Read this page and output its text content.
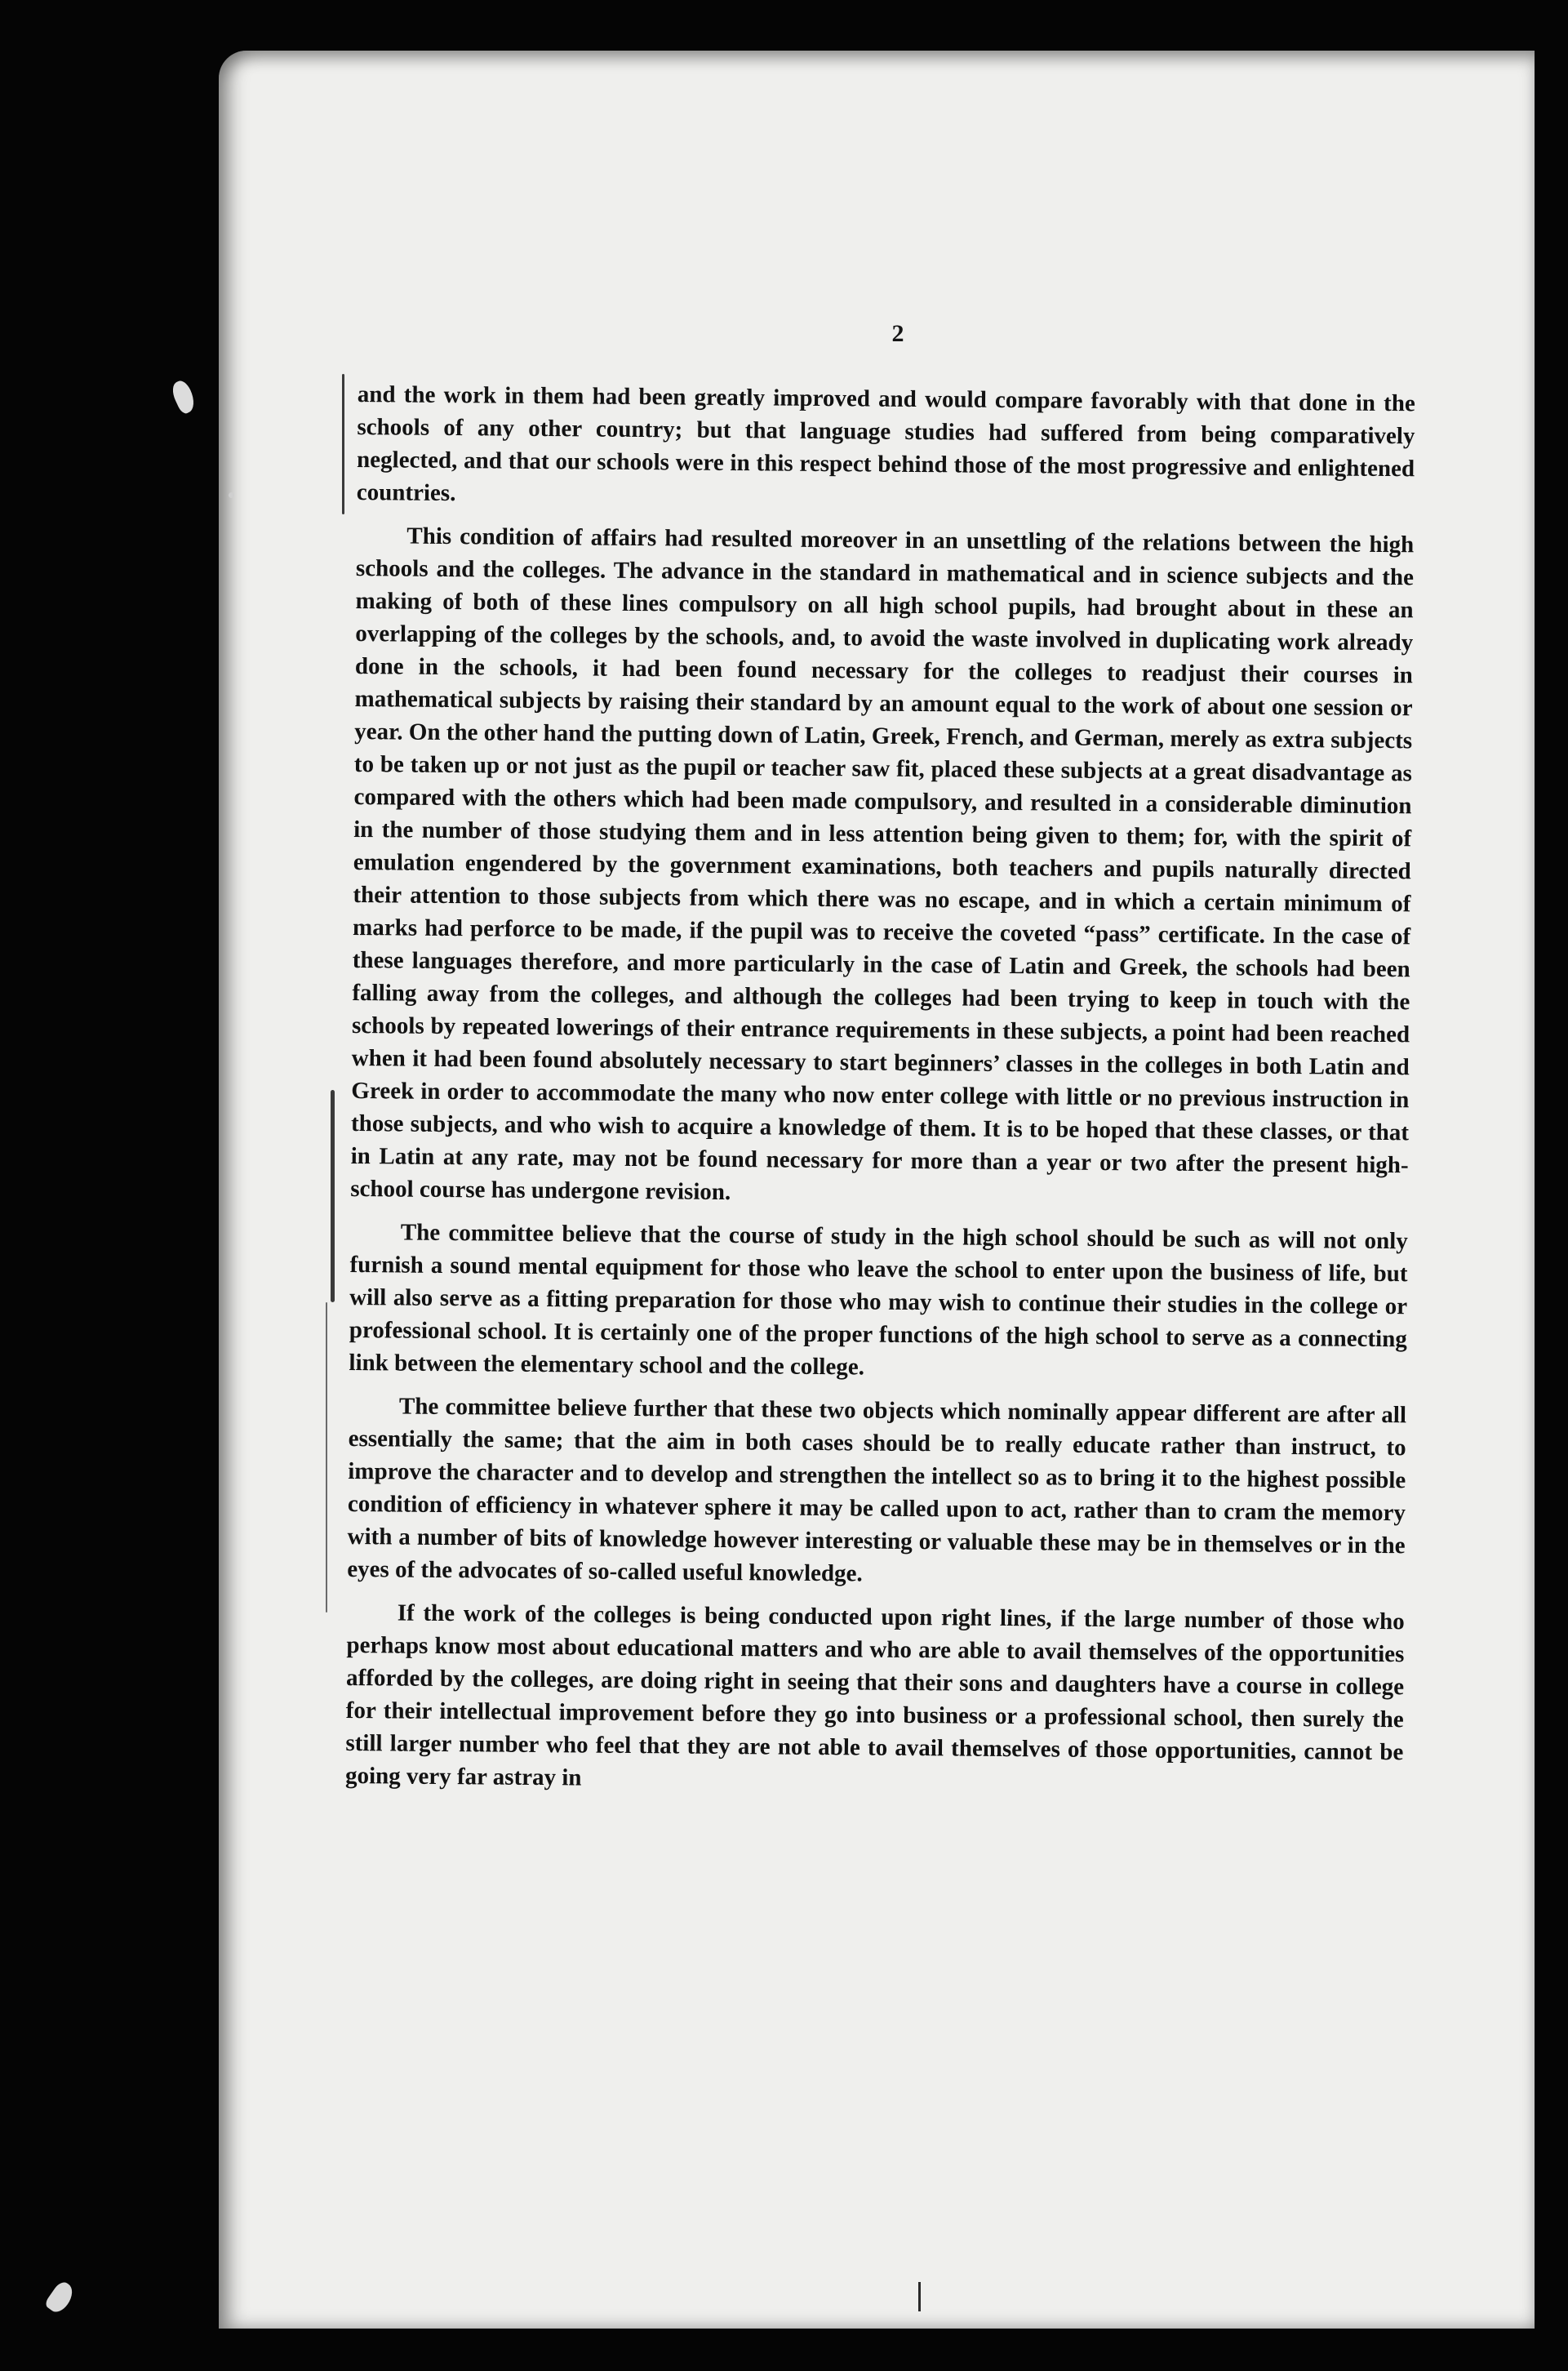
2

and the work in them had been greatly improved and would compare favorably with that done in the schools of any other country; but that language studies had suffered from being comparatively neglected, and that our schools were in this respect behind those of the most progressive and enlightened countries.

This condition of affairs had resulted moreover in an unsettling of the relations between the high schools and the colleges. The advance in the standard in mathematical and in science subjects and the making of both of these lines compulsory on all high school pupils, had brought about in these an overlapping of the colleges by the schools, and, to avoid the waste involved in duplicating work already done in the schools, it had been found necessary for the colleges to readjust their courses in mathematical subjects by raising their standard by an amount equal to the work of about one session or year. On the other hand the putting down of Latin, Greek, French, and German, merely as extra subjects to be taken up or not just as the pupil or teacher saw fit, placed these subjects at a great disadvantage as compared with the others which had been made compulsory, and resulted in a considerable diminution in the number of those studying them and in less attention being given to them; for, with the spirit of emulation engendered by the government examinations, both teachers and pupils naturally directed their attention to those subjects from which there was no escape, and in which a certain minimum of marks had perforce to be made, if the pupil was to receive the coveted “pass” certificate. In the case of these languages therefore, and more particularly in the case of Latin and Greek, the schools had been falling away from the colleges, and although the colleges had been trying to keep in touch with the schools by repeated lowerings of their entrance requirements in these subjects, a point had been reached when it had been found absolutely necessary to start beginners’ classes in the colleges in both Latin and Greek in order to accommodate the many who now enter college with little or no previous instruction in those subjects, and who wish to acquire a knowledge of them. It is to be hoped that these classes, or that in Latin at any rate, may not be found necessary for more than a year or two after the present high-school course has undergone revision.

The committee believe that the course of study in the high school should be such as will not only furnish a sound mental equipment for those who leave the school to enter upon the business of life, but will also serve as a fitting preparation for those who may wish to continue their studies in the college or professional school. It is certainly one of the proper functions of the high school to serve as a connecting link between the elementary school and the college.

The committee believe further that these two objects which nominally appear different are after all essentially the same; that the aim in both cases should be to really educate rather than instruct, to improve the character and to develop and strengthen the intellect so as to bring it to the highest possible condition of efficiency in whatever sphere it may be called upon to act, rather than to cram the memory with a number of bits of knowledge however interesting or valuable these may be in themselves or in the eyes of the advocates of so-called useful knowledge.

If the work of the colleges is being conducted upon right lines, if the large number of those who perhaps know most about educational matters and who are able to avail themselves of the opportunities afforded by the colleges, are doing right in seeing that their sons and daughters have a course in college for their intellectual improvement before they go into business or a professional school, then surely the still larger number who feel that they are not able to avail themselves of those opportunities, cannot be going very far astray in
